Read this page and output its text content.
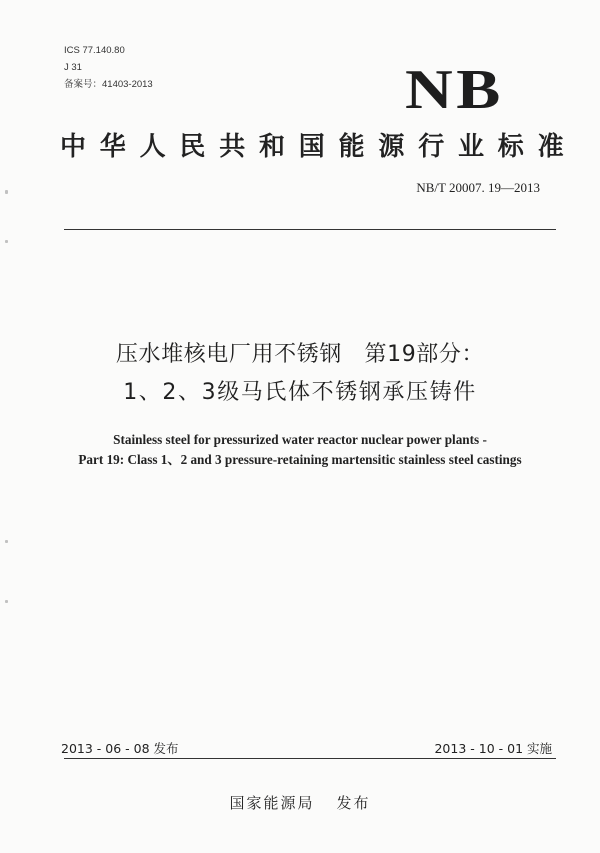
ICS 77.140.80
J 31
备案号：41403-2013	NB
中华人民共和国能源行业标准
NB/T 20007. 19—2013
压水堆核电厂用不锈钢　第19部分：
1、2、3级马氏体不锈钢承压铸件
Stainless steel for pressurized water reactor nuclear power plants -
Part 19: Class 1、2 and 3 pressure-retaining martensitic stainless steel castings
2013 - 06 - 08 发布	2013 - 10 - 01 实施
国家能源局 发布
